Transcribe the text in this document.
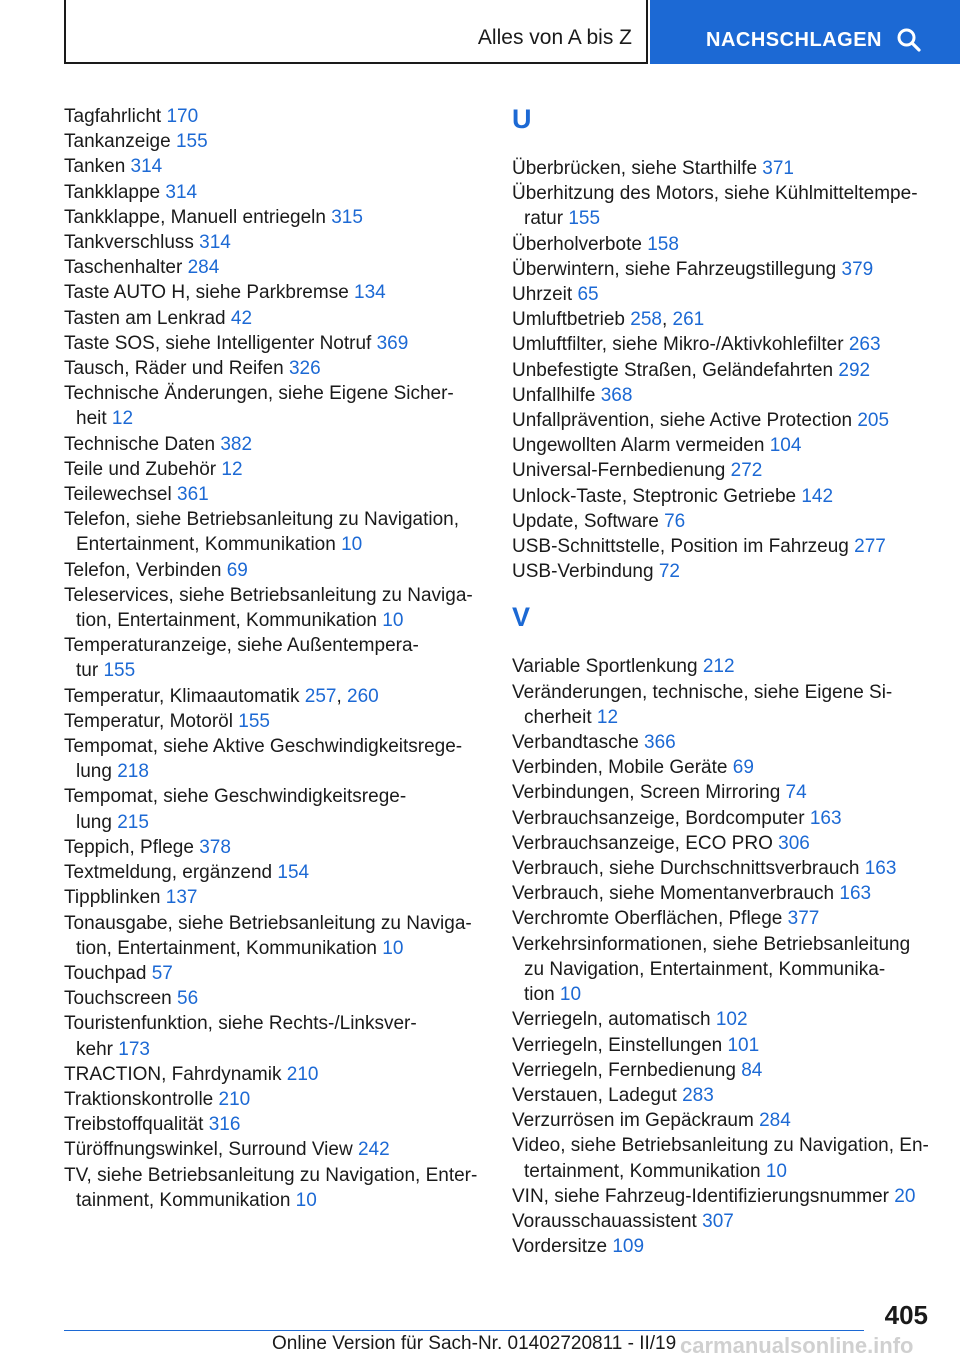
Alles von A bis Z	NACHSCHLAGEN
Tagfahrlicht 170
Tankanzeige 155
Tanken 314
Tankklappe 314
Tankklappe, Manuell entriegeln 315
Tankverschluss 314
Taschenhalter 284
Taste AUTO H, siehe Parkbremse 134
Tasten am Lenkrad 42
Taste SOS, siehe Intelligenter Notruf 369
Tausch, Räder und Reifen 326
Technische Änderungen, siehe Eigene Sicher-
heit 12
Technische Daten 382
Teile und Zubehör 12
Teilewechsel 361
Telefon, siehe Betriebsanleitung zu Navigation,
Entertainment, Kommunikation 10
Telefon, Verbinden 69
Teleservices, siehe Betriebsanleitung zu Naviga-
tion, Entertainment, Kommunikation 10
Temperaturanzeige, siehe Außentempera-
tur 155
Temperatur, Klimaautomatik 257, 260
Temperatur, Motoröl 155
Tempomat, siehe Aktive Geschwindigkeitsrege-
lung 218
Tempomat, siehe Geschwindigkeitsrege-
lung 215
Teppich, Pflege 378
Textmeldung, ergänzend 154
Tippblinken 137
Tonausgabe, siehe Betriebsanleitung zu Naviga-
tion, Entertainment, Kommunikation 10
Touchpad 57
Touchscreen 56
Touristenfunktion, siehe Rechts-/Linksver-
kehr 173
TRACTION, Fahrdynamik 210
Traktionskontrolle 210
Treibstoffqualität 316
Türöffnungswinkel, Surround View 242
TV, siehe Betriebsanleitung zu Navigation, Enter-
tainment, Kommunikation 10
U
Überbrücken, siehe Starthilfe 371
Überhitzung des Motors, siehe Kühlmitteltempe-
ratur 155
Überholverbote 158
Überwintern, siehe Fahrzeugstillegung 379
Uhrzeit 65
Umluftbetrieb 258, 261
Umluftfilter, siehe Mikro-/Aktivkohlefilter 263
Unbefestigte Straßen, Geländefahrten 292
Unfallhilfe 368
Unfallprävention, siehe Active Protection 205
Ungewollten Alarm vermeiden 104
Universal-Fernbedienung 272
Unlock-Taste, Steptronic Getriebe 142
Update, Software 76
USB-Schnittstelle, Position im Fahrzeug 277
USB-Verbindung 72
V
Variable Sportlenkung 212
Veränderungen, technische, siehe Eigene Si-
cherheit 12
Verbandtasche 366
Verbinden, Mobile Geräte 69
Verbindungen, Screen Mirroring 74
Verbrauchsanzeige, Bordcomputer 163
Verbrauchsanzeige, ECO PRO 306
Verbrauch, siehe Durchschnittsverbrauch 163
Verbrauch, siehe Momentanverbrauch 163
Verchromte Oberflächen, Pflege 377
Verkehrsinformationen, siehe Betriebsanleitung
zu Navigation, Entertainment, Kommunika-
tion 10
Verriegeln, automatisch 102
Verriegeln, Einstellungen 101
Verriegeln, Fernbedienung 84
Verstauen, Ladegut 283
Verzurrösen im Gepäckraum 284
Video, siehe Betriebsanleitung zu Navigation, En-
tertainment, Kommunikation 10
VIN, siehe Fahrzeug-Identifizierungsnummer 20
Vorausschauassistent 307
Vordersitze 109
405
Online Version für Sach-Nr. 01402720811 - II/19 carmanualsonline.info
